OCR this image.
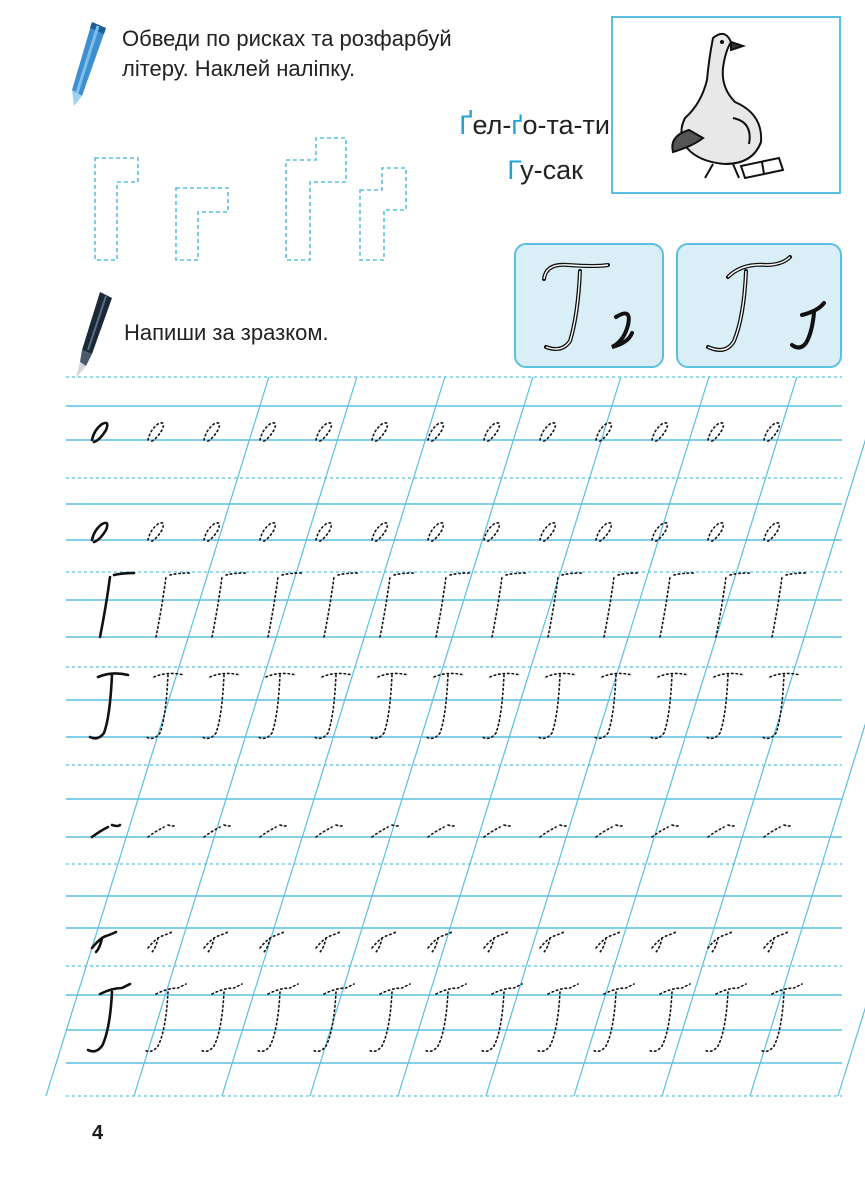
Обведи по рисках та розфарбуй
літеру. Наклей наліпку.
Ґел-ґо-та-ти
Гу-сак
Напиши за зразком.
4
